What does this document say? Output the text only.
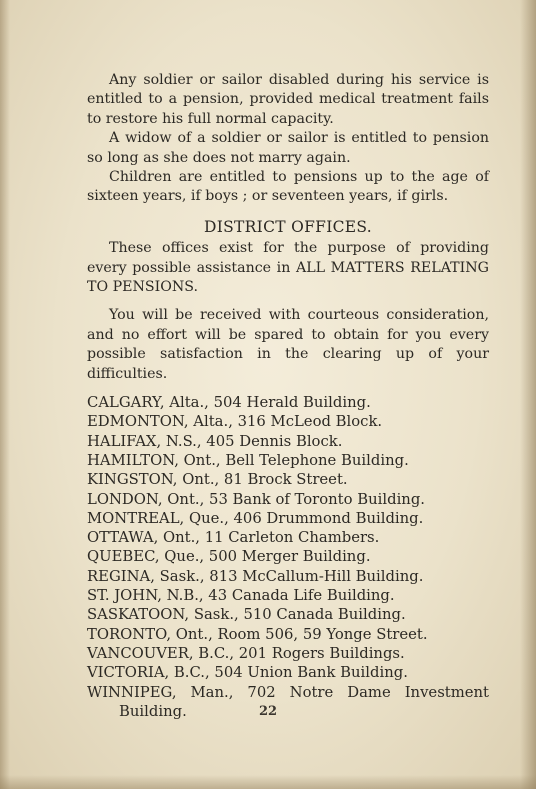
Any soldier or sailor disabled during his service is entitled to a pension, provided medical treatment fails to restore his full normal capacity.

A widow of a soldier or sailor is entitled to pension so long as she does not marry again.

Children are entitled to pensions up to the age of sixteen years, if boys ; or seventeen years, if girls.

DISTRICT OFFICES.

These offices exist for the purpose of providing every possible assistance in ALL MATTERS RELATING TO PENSIONS.

You will be received with courteous consideration, and no effort will be spared to obtain for you every possible satisfaction in the clearing up of your difficulties.

CALGARY, Alta., 504 Herald Building.
EDMONTON, Alta., 316 McLeod Block.
HALIFAX, N.S., 405 Dennis Block.
HAMILTON, Ont., Bell Telephone Building.
KINGSTON, Ont., 81 Brock Street.
LONDON, Ont., 53 Bank of Toronto Building.
MONTREAL, Que., 406 Drummond Building.
OTTAWA, Ont., 11 Carleton Chambers.
QUEBEC, Que., 500 Merger Building.
REGINA, Sask., 813 McCallum-Hill Building.
ST. JOHN, N.B., 43 Canada Life Building.
SASKATOON, Sask., 510 Canada Building.
TORONTO, Ont., Room 506, 59 Yonge Street.
VANCOUVER, B.C., 201 Rogers Buildings.
VICTORIA, B.C., 504 Union Bank Building.
WINNIPEG, Man., 702 Notre Dame Investment Building.	22
